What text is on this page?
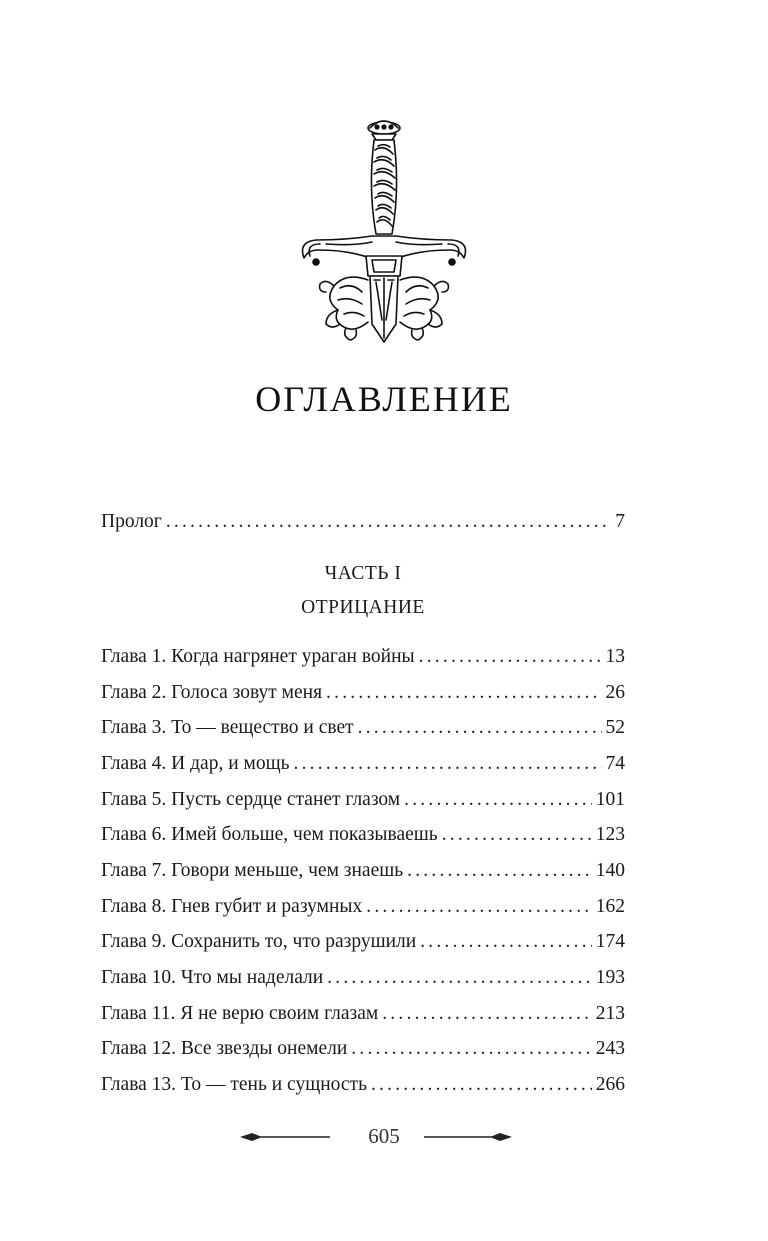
ОГЛАВЛЕНИЕ
Пролог .....	7
ЧАСТЬ I
ОТРИЦАНИЕ
Глава 1. Когда нагрянет ураган войны .....	13
Глава 2. Голоса зовут меня .....	26
Глава 3. То — вещество и свет .....	52
Глава 4. И дар, и мощь .....	74
Глава 5. Пусть сердце станет глазом .....	101
Глава 6. Имей больше, чем показываешь .....	123
Глава 7. Говори меньше, чем знаешь .....	140
Глава 8. Гнев губит и разумных .....	162
Глава 9. Сохранить то, что разрушили .....	174
Глава 10. Что мы наделали .....	193
Глава 11. Я не верю своим глазам .....	213
Глава 12. Все звезды онемели .....	243
Глава 13. То — тень и сущность .....	266
605
